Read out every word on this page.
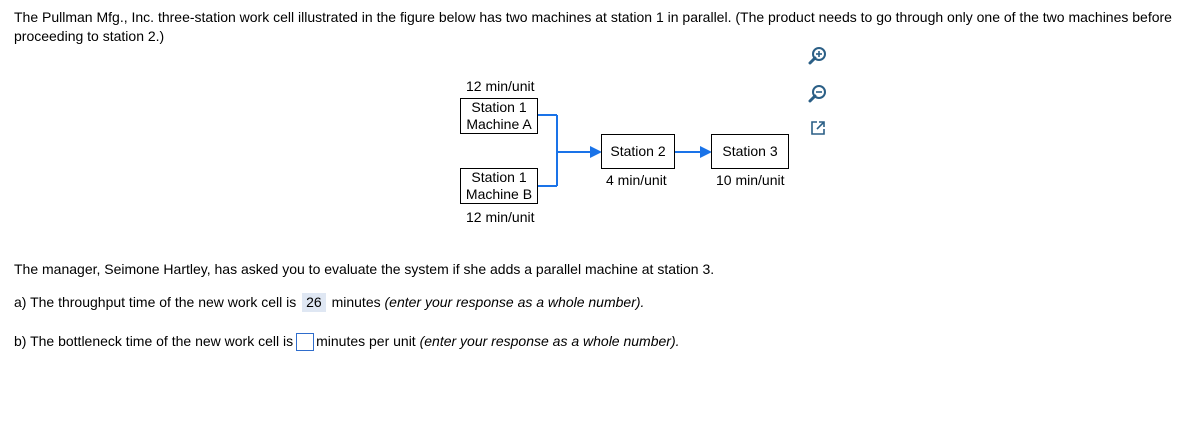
The Pullman Mfg., Inc. three-station work cell illustrated in the figure below has two machines at station 1 in parallel. (The product needs to go through only one of the two machines before proceeding to station 2.)
12 min/unit
Station 1
Machine A
Station 1
Machine B
12 min/unit
Station 2
4 min/unit
Station 3
10 min/unit
The manager, Seimone Hartley, has asked you to evaluate the system if she adds a parallel machine at station 3.
a) The throughput time of the new work cell is 26 minutes (enter your response as a whole number).
b) The bottleneck time of the new work cell is minutes per unit (enter your response as a whole number).
